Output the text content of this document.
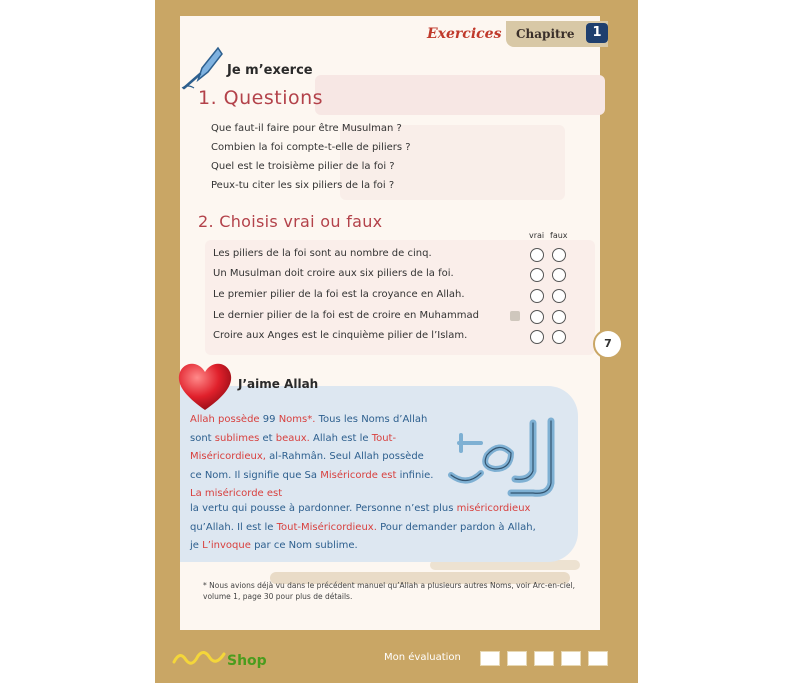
Exercices Chapitre	1
Je m’exerce
1. Questions
Que faut-il faire pour être Musulman ?
Combien la foi compte-t-elle de piliers ?
Quel est le troisième pilier de la foi ?
Peux-tu citer les six piliers de la foi ?
2. Choisis vrai ou faux
vrai faux
Les piliers de la foi sont au nombre de cinq.
Un Musulman doit croire aux six piliers de la foi.
Le premier pilier de la foi est la croyance en Allah.
Le dernier pilier de la foi est de croire en Muhammad
Croire aux Anges est le cinquième pilier de l’Islam.
7
J’aime Allah
Allah possède 99 Noms*. Tous les Noms d’Allah sont sublimes et beaux. Allah est le Tout-Miséricordieux, al-Rahmân. Seul Allah possède ce Nom. Il signifie que Sa Miséricorde est infinie. La miséricorde est
la vertu qui pousse à pardonner. Personne n’est plus miséricordieux
qu’Allah. Il est le Tout-Miséricordieux. Pour demander pardon à Allah,
je L’invoque par ce Nom sublime.
* Nous avions déjà vu dans le précédent manuel qu’Allah a plusieurs autres Noms, voir Arc-en-ciel, volume 1, page 30 pour plus de détails.
Shop	Mon évaluation
